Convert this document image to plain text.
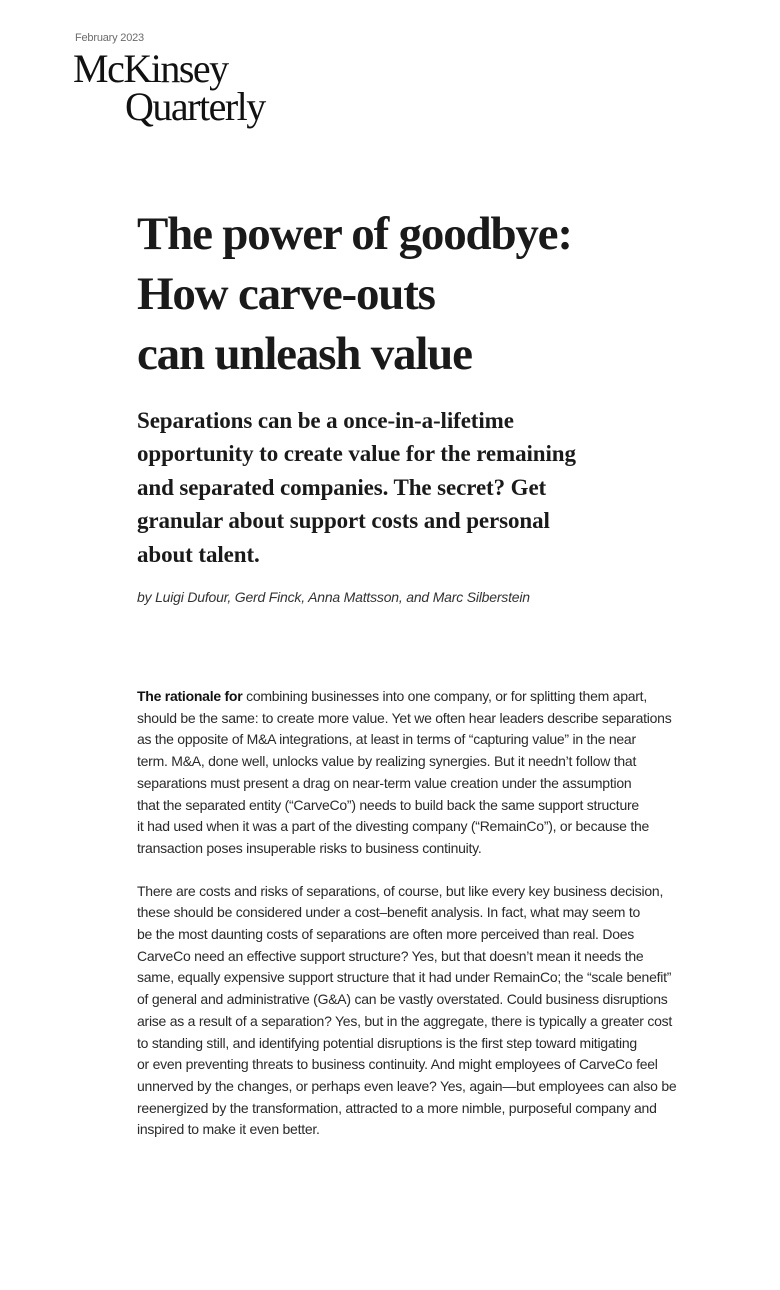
February 2023
McKinsey
Quarterly
The power of goodbye:
How carve-outs
can unleash value
Separations can be a once-in-a-lifetime
opportunity to create value for the remaining
and separated companies. The secret? Get
granular about support costs and personal
about talent.
by Luigi Dufour, Gerd Finck, Anna Mattsson, and Marc Silberstein
The rationale for combining businesses into one company, or for splitting them apart,
should be the same: to create more value. Yet we often hear leaders describe separations
as the opposite of M&A integrations, at least in terms of “capturing value” in the near
term. M&A, done well, unlocks value by realizing synergies. But it needn’t follow that
separations must present a drag on near-term value creation under the assumption
that the separated entity (“CarveCo”) needs to build back the same support structure
it had used when it was a part of the divesting company (“RemainCo”), or because the
transaction poses insuperable risks to business continuity.
There are costs and risks of separations, of course, but like every key business decision,
these should be considered under a cost–benefit analysis. In fact, what may seem to
be the most daunting costs of separations are often more perceived than real. Does
CarveCo need an effective support structure? Yes, but that doesn’t mean it needs the
same, equally expensive support structure that it had under RemainCo; the “scale benefit”
of general and administrative (G&A) can be vastly overstated. Could business disruptions
arise as a result of a separation? Yes, but in the aggregate, there is typically a greater cost
to standing still, and identifying potential disruptions is the first step toward mitigating
or even preventing threats to business continuity. And might employees of CarveCo feel
unnerved by the changes, or perhaps even leave? Yes, again—but employees can also be
reenergized by the transformation, attracted to a more nimble, purposeful company and
inspired to make it even better.
